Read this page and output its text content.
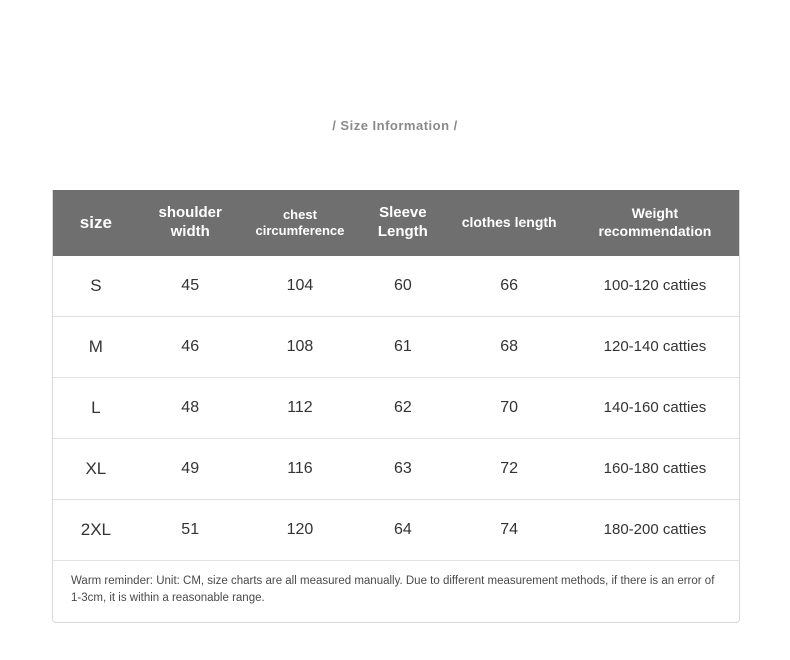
/ Size Information /
size	shoulder width	chest circumference	Sleeve Length	clothes length	Weight recommendation
S	45	104	60	66	100-120 catties
M	46	108	61	68	120-140 catties
L	48	112	62	70	140-160 catties
XL	49	116	63	72	160-180 catties
2XL	51	120	64	74	180-200 catties
Warm reminder: Unit: CM, size charts are all measured manually. Due to different measurement methods, if there is an error of 1-3cm, it is within a reasonable range.
